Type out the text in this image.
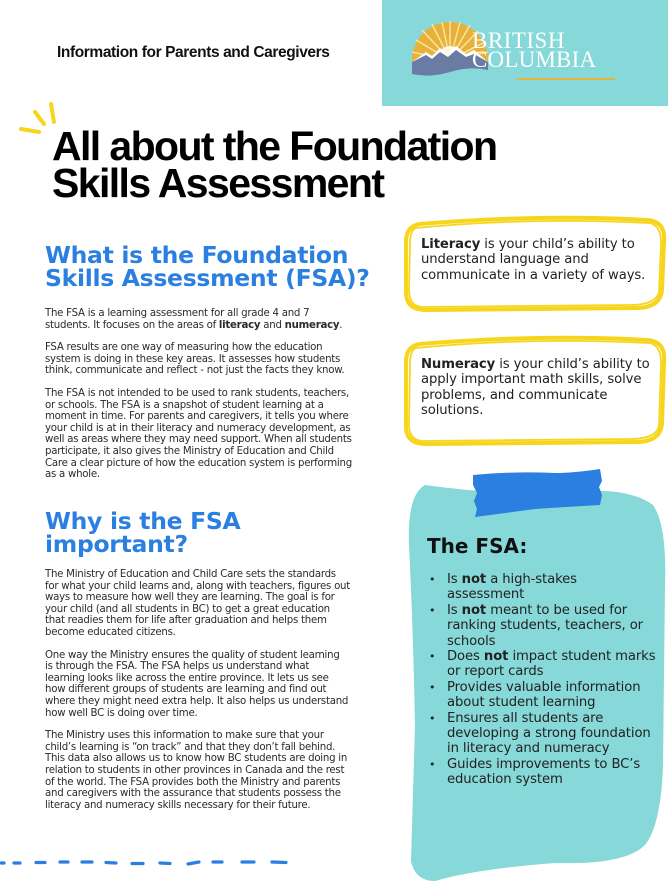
Information for Parents and Caregivers	BRITISH
COLUMBIA
All about the Foundation
Skills Assessment
What is the Foundation
Skills Assessment (FSA)?

The FSA is a learning assessment for all grade 4 and 7 students. It focuses on the areas of literacy and numeracy.

FSA results are one way of measuring how the education system is doing in these key areas. It assesses how students think, communicate and reflect - not just the facts they know.

The FSA is not intended to be used to rank students, teachers, or schools. The FSA is a snapshot of student learning at a moment in time. For parents and caregivers, it tells you where your child is at in their literacy and numeracy development, as well as areas where they may need support. When all students participate, it also gives the Ministry of Education and Child Care a clear picture of how the education system is performing as a whole.

Why is the FSA
important?

The Ministry of Education and Child Care sets the standards for what your child learns and, along with teachers, figures out ways to measure how well they are learning. The goal is for your child (and all students in BC) to get a great education that readies them for life after graduation and helps them become educated citizens.

One way the Ministry ensures the quality of student learning is through the FSA. The FSA helps us understand what learning looks like across the entire province. It lets us see how different groups of students are learning and find out where they might need extra help. It also helps us understand how well BC is doing over time.

The Ministry uses this information to make sure that your child’s learning is “on track” and that they don’t fall behind. This data also allows us to know how BC students are doing in relation to students in other provinces in Canada and the rest of the world. The FSA provides both the Ministry and parents and caregivers with the assurance that students possess the literacy and numeracy skills necessary for their future.

Literacy is your child’s ability to understand language and communicate in a variety of ways.

Numeracy is your child’s ability to apply important math skills, solve problems, and communicate solutions.

The FSA:
• Is not a high-stakes assessment
• Is not meant to be used for ranking students, teachers, or schools
• Does not impact student marks or report cards
• Provides valuable information about student learning
• Ensures all students are developing a strong foundation in literacy and numeracy
• Guides improvements to BC’s education system
